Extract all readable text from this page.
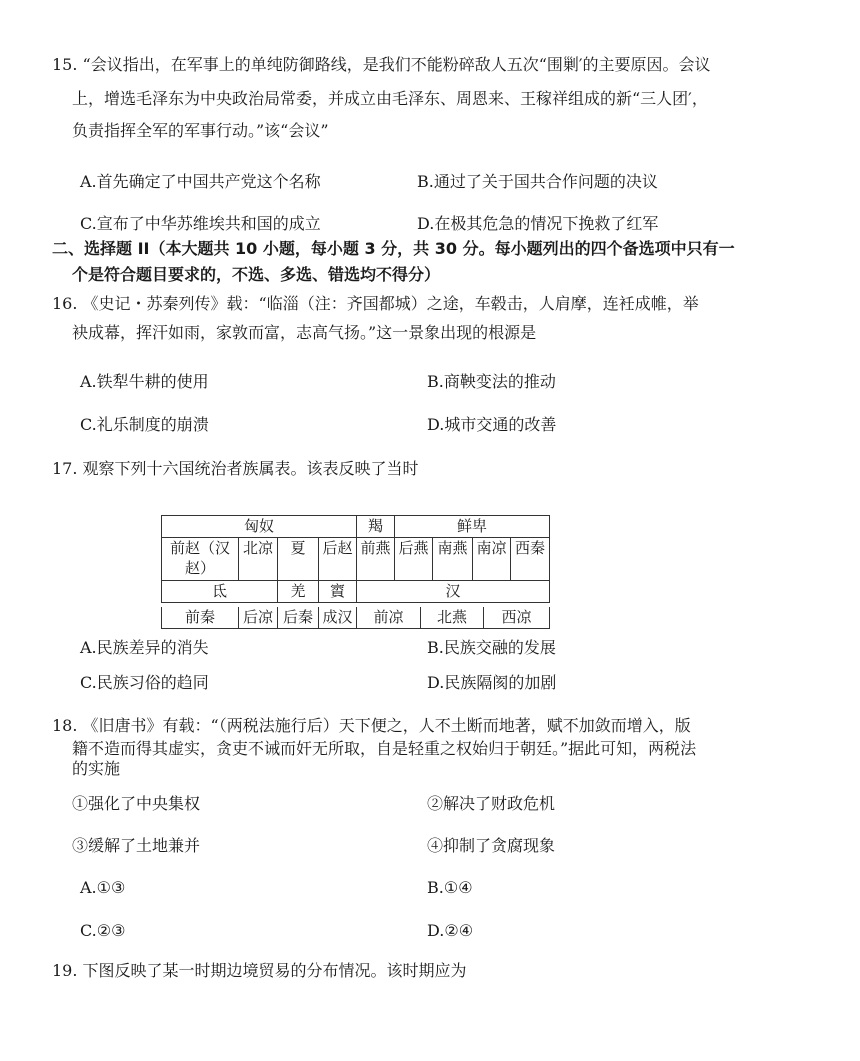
15. “会议指出，在军事上的单纯防御路线，是我们不能粉碎敌人五次“围剿′的主要原因。会议
上，增选毛泽东为中央政治局常委，并成立由毛泽东、周恩来、王稼祥组成的新“三人团′，
负责指挥全军的军事行动。”该“会议”
A.首先确定了中国共产党这个名称	B.通过了关于国共合作问题的决议
C.宣布了中华苏维埃共和国的成立	D.在极其危急的情况下挽救了红军
二、选择题 II（本大题共 10 小题，每小题 3 分，共 30 分。每小题列出的四个备选项中只有一
个是符合题目要求的，不选、多选、错选均不得分）
16. 《史记・苏秦列传》载：“临淄（注：齐国都城）之途，车毂击，人肩摩，连衽成帷，举
袂成幕，挥汗如雨，家敦而富，志高气扬。”这一景象出现的根源是
A.铁犁牛耕的使用	B.商鞅变法的推动
C.礼乐制度的崩溃	D.城市交通的改善
17. 观察下列十六国统治者族属表。该表反映了当时
匈奴				羯	鲜卑			
前赵（汉赵）	北凉	夏	后赵	前燕	后燕	南燕	南凉	西秦
氐		羌	賨	汉				
前秦	后凉	后秦	成汉	前凉	北燕	西凉
A.民族差异的消失	B.民族交融的发展
C.民族习俗的趋同	D.民族隔阂的加剧
18. 《旧唐书》有载：“（两税法施行后）天下便之，人不土断而地著，赋不加敛而增入，版
籍不造而得其虚实，贪吏不诫而奸无所取，自是轻重之权始归于朝廷。”据此可知，两税法
的实施
①强化了中央集权	②解决了财政危机
③缓解了土地兼并	④抑制了贪腐现象
A.①③	B.①④
C.②③	D.②④
19. 下图反映了某一时期边境贸易的分布情况。该时期应为
